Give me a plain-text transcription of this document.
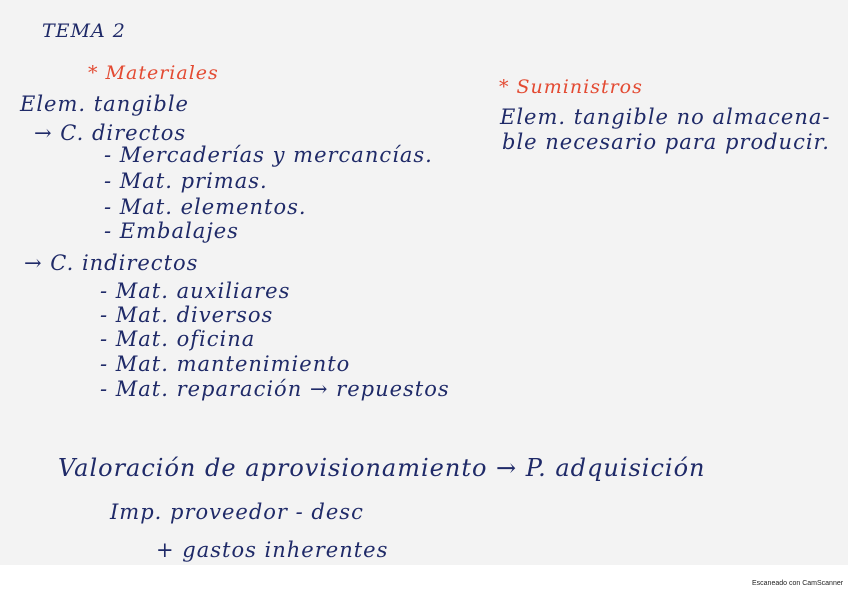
TEMA 2
* Materiales
Elem. tangible
→ C. directos
- Mercaderías y mercancías.
- Mat. primas.
- Mat. elementos.
- Embalajes
→ C. indirectos
- Mat. auxiliares
- Mat. diversos
- Mat. oficina
- Mat. mantenimiento
- Mat. reparación → repuestos
* Suministros
Elem. tangible no almacena-
ble necesario para producir.
Valoración de aprovisionamiento → P. adquisición
Imp. proveedor - desc
+ gastos inherentes
Escaneado con CamScanner
